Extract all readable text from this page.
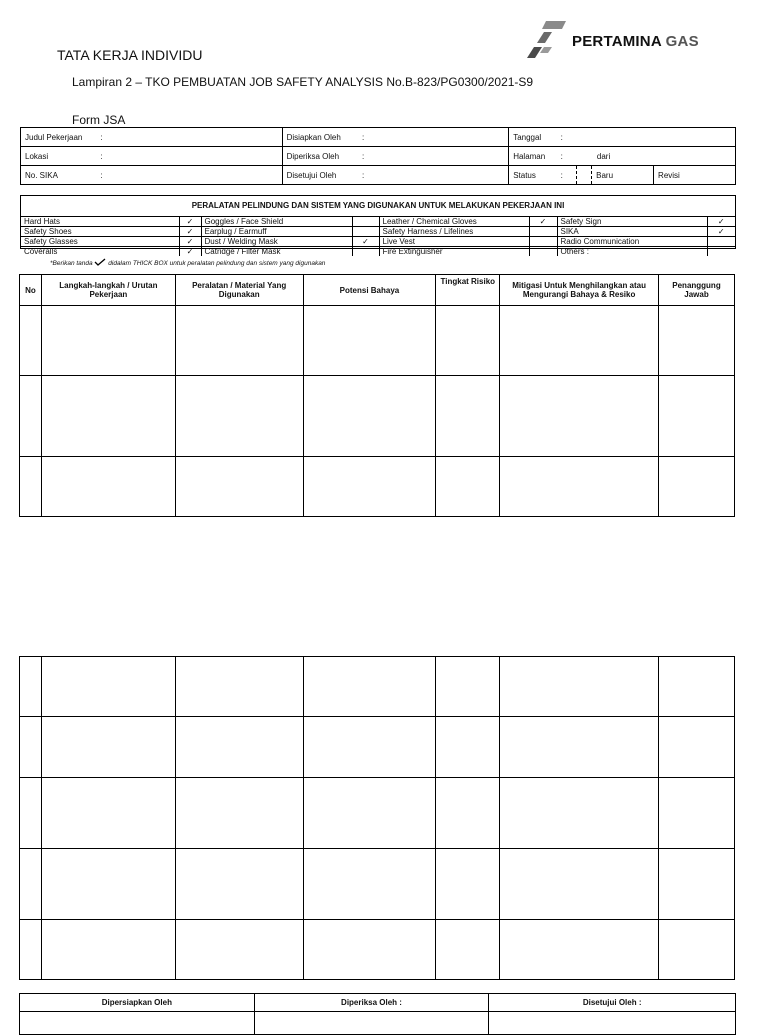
TATA KERJA INDIVIDU
Lampiran 2 – TKO PEMBUATAN JOB SAFETY ANALYSIS No.B-823/PG0300/2021-S9
Form JSA
PERTAMINA GAS
Judul Pekerjaan	:	Disiapkan Oleh	:	Tanggal	:			
Lokasi	:	Diperiksa Oleh	:	Halaman	: dari			
No. SIKA	:	Disetujui Oleh	:	Status	:		Baru	Revisi
PERALATAN PELINDUNG DAN SISTEM YANG DIGUNAKAN UNTUK MELAKUKAN PEKERJAAN INI
Hard Hats	✓	Goggles / Face Shield		Leather / Chemical Gloves	✓	Safety Sign	✓
Safety Shoes	✓	Earplug / Earmuff		Safety Harness / Lifelines		SIKA	✓
Safety Glasses	✓	Dust / Welding Mask	✓	Live Vest		Radio Communication	
Coveralls	✓	Catridge / Filter Mask		Fire Extinguisher		Others :	
*Berikan tanda didalam THICK BOX untuk peralatan pelindung dan sistem yang digunakan
No	Langkah-langkah / Urutan Pekerjaan	Peralatan / Material Yang Digunakan	Potensi Bahaya	Tingkat Risiko	Mitigasi Untuk Menghilangkan atau Mengurangi Bahaya & Resiko	Penanggung Jawab

Dipersiapkan Oleh	Diperiksa Oleh :	Disetujui Oleh :
